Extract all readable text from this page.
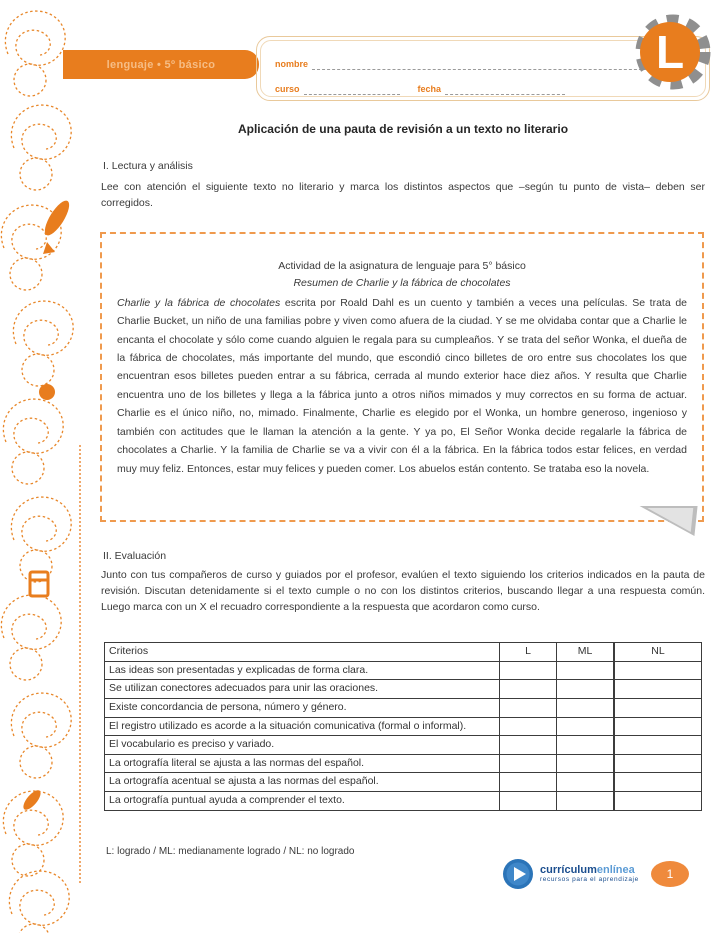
lenguaje • 5º básico	nombre
curso	fecha
L
Aplicación de una pauta de revisión a un texto no literario
I. Lectura y análisis
Lee con atención el siguiente texto no literario y marca los distintos aspectos que –según tu punto de vista– deben ser corregidos.
Actividad de la asignatura de lenguaje para 5° básico
Resumen de Charlie y la fábrica de chocolates
Charlie y la fábrica de chocolates escrita por Roald Dahl es un cuento y también a veces una películas. Se trata de Charlie Bucket, un niño de una familias pobre y viven como afuera de la ciudad. Y se me olvidaba contar que a Charlie le encanta el chocolate y sólo come cuando alguien le regala para su cumpleaños. Y se trata del señor Wonka, el dueña de la fábrica de chocolates, más importante del mundo, que escondió cinco billetes de oro entre sus chocolates los que encuentran esos billetes pueden entrar a su fábrica, cerrada al mundo exterior hace diez años. Y resulta que Charlie encuentra uno de los billetes y llega a la fábrica junto a otros niños mimados y muy correctos en su forma de actuar. Charlie es el único niño, no, mimado. Finalmente, Charlie es elegido por el Wonka, un hombre generoso, ingenioso y también con actitudes que le llaman la atención a la gente. Y ya po, El Señor Wonka decide regalarle la fábrica de chocolates a Charlie. Y la familia de Charlie se va a vivir con él a la fábrica. En la fábrica todos estar felices, en verdad muy muy feliz. Entonces, estar muy felices y pueden comer. Los abuelos están contento. Se trataba eso la novela.
II. Evaluación
Junto con tus compañeros de curso y guiados por el profesor, evalúen el texto siguiendo los criterios indicados en la pauta de revisión. Discutan detenidamente si el texto cumple o no con los distintos criterios, buscando llegar a una respuesta común. Luego marca con un X el recuadro correspondiente a la respuesta que acordaron como curso.
Criterios	L	ML	NL
Las ideas son presentadas y explicadas de forma clara.			
Se utilizan conectores adecuados para unir las oraciones.			
Existe concordancia de persona, número y género.			
El registro utilizado es acorde a la situación comunicativa (formal o informal).			
El vocabulario es preciso y variado.			
La ortografía literal se ajusta a las normas del español.			
La ortografía acentual se ajusta a las normas del español.			
La ortografía puntual ayuda a comprender el texto.			
L: logrado / ML: medianamente logrado / NL: no logrado
currículumenlínea
recursos para el aprendizaje 1
